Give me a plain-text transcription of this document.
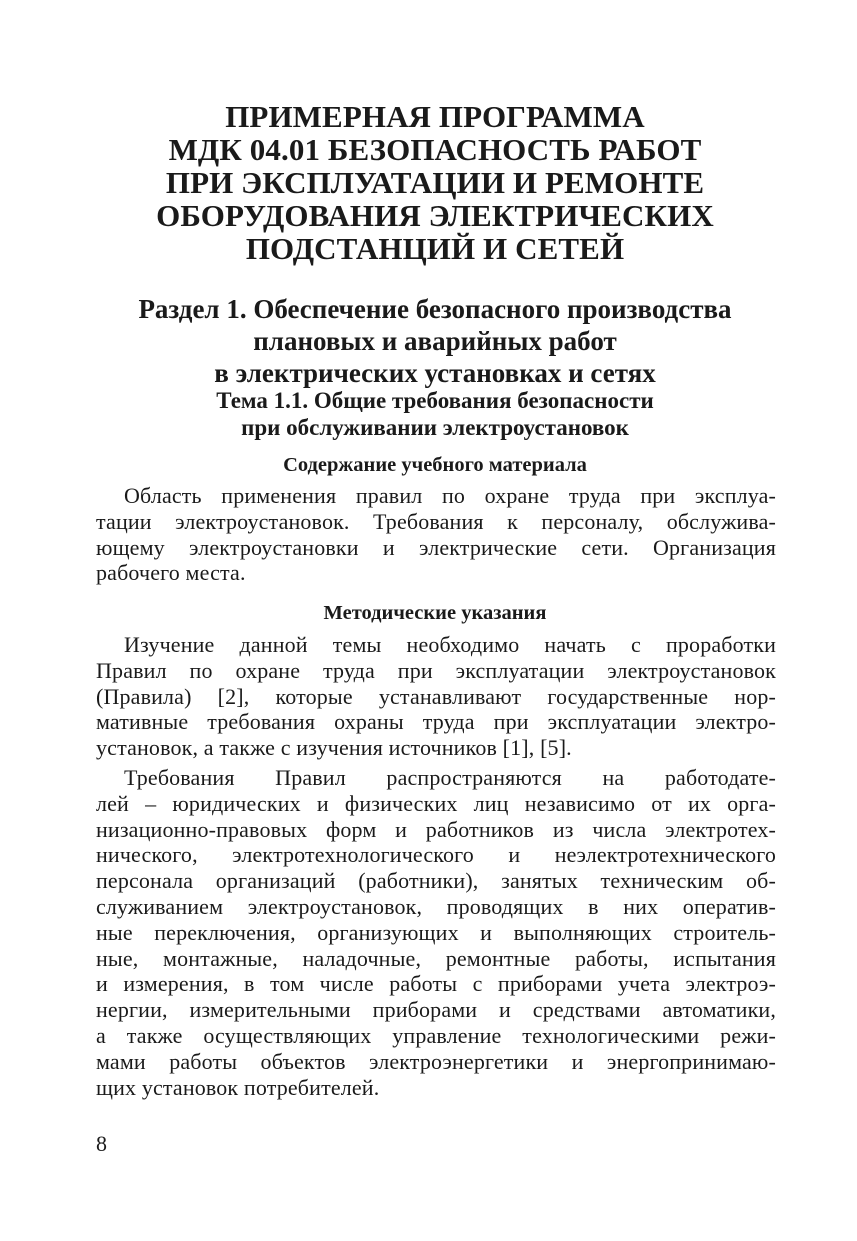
ПРИМЕРНАЯ ПРОГРАММА
МДК 04.01 БЕЗОПАСНОСТЬ РАБОТ
ПРИ ЭКСПЛУАТАЦИИ И РЕМОНТЕ
ОБОРУДОВАНИЯ ЭЛЕКТРИЧЕСКИХ
ПОДСТАНЦИЙ И СЕТЕЙ
Раздел 1. Обеспечение безопасного производства
плановых и аварийных работ
в электрических установках и сетях
Тема 1.1. Общие требования безопасности
при обслуживании электроустановок
Содержание учебного материала
Область применения правил по охране труда при эксплуа-
тации электроустановок. Требования к персоналу, обслужива-
ющему электроустановки и электрические сети. Организация
рабочего места.
Методические указания
Изучение данной темы необходимо начать с проработки
Правил по охране труда при эксплуатации электроустановок
(Правила) [2], которые устанавливают государственные нор-
мативные требования охраны труда при эксплуатации электро-
установок, а также с изучения источников [1], [5].
Требования Правил распространяются на работодате-
лей – юридических и физических лиц независимо от их орга-
низационно-правовых форм и работников из числа электротех-
нического, электротехнологического и неэлектротехнического
персонала организаций (работники), занятых техническим об-
служиванием электроустановок, проводящих в них оператив-
ные переключения, организующих и выполняющих строитель-
ные, монтажные, наладочные, ремонтные работы, испытания
и измерения, в том числе работы с приборами учета электроэ-
нергии, измерительными приборами и средствами автоматики,
а также осуществляющих управление технологическими режи-
мами работы объектов электроэнергетики и энергопринимаю-
щих установок потребителей.
8
